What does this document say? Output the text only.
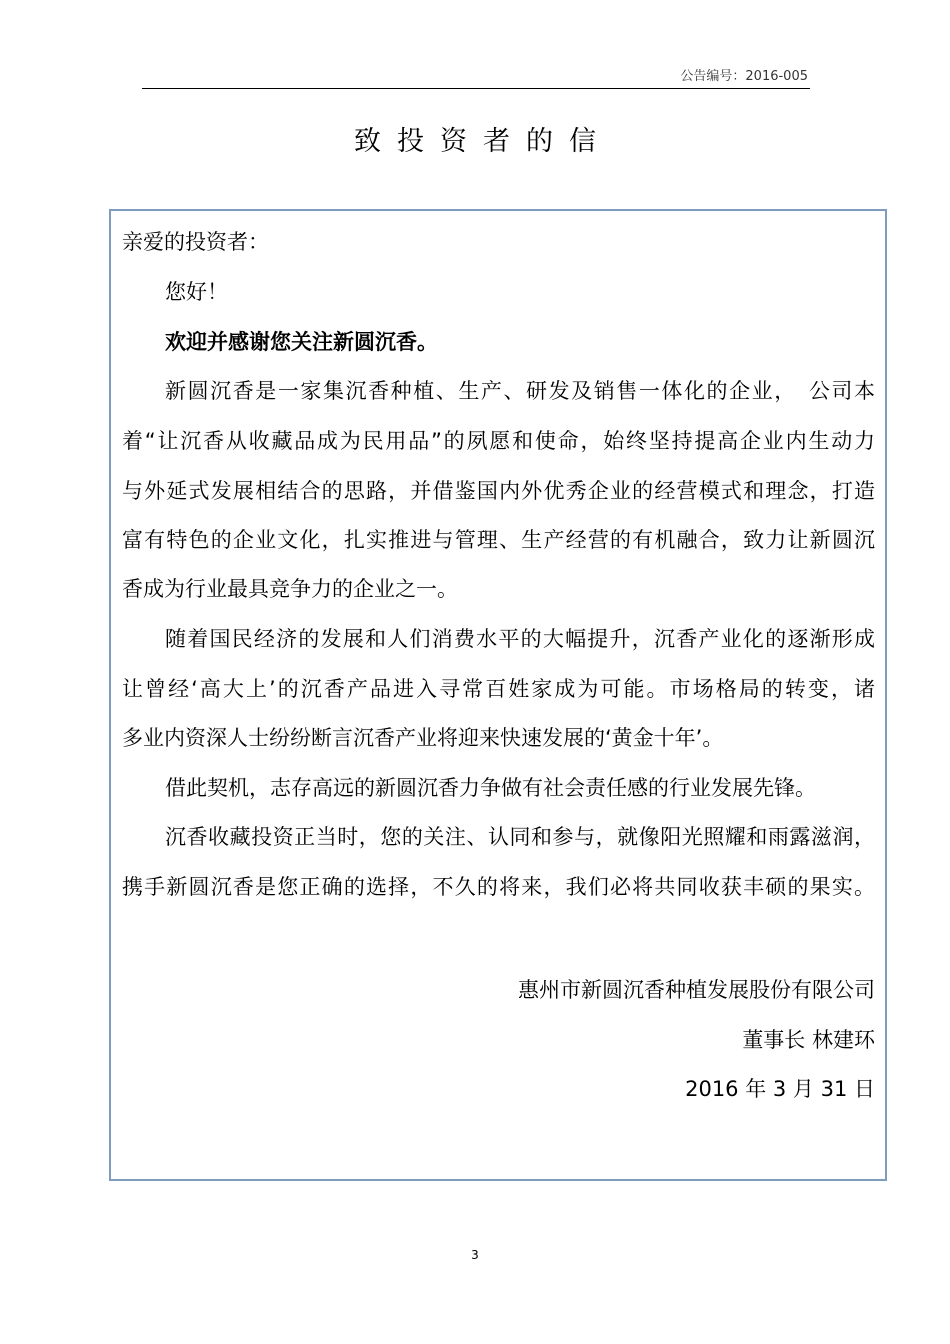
公告编号：2016-005
致投资者的信
亲爱的投资者：
您好！
欢迎并感谢您关注新圆沉香。
新圆沉香是一家集沉香种植、生产、研发及销售一体化的企业，　公司本
着“让沉香从收藏品成为民用品”的夙愿和使命，始终坚持提高企业内生动力
与外延式发展相结合的思路，并借鉴国内外优秀企业的经营模式和理念，打造
富有特色的企业文化，扎实推进与管理、生产经营的有机融合，致力让新圆沉
香成为行业最具竞争力的企业之一。
随着国民经济的发展和人们消费水平的大幅提升，沉香产业化的逐渐形成
让曾经‘高大上’的沉香产品进入寻常百姓家成为可能。市场格局的转变，诸
多业内资深人士纷纷断言沉香产业将迎来快速发展的‘黄金十年’。
借此契机，志存高远的新圆沉香力争做有社会责任感的行业发展先锋。
沉香收藏投资正当时，您的关注、认同和参与，就像阳光照耀和雨露滋润，
携手新圆沉香是您正确的选择，不久的将来，我们必将共同收获丰硕的果实。
惠州市新圆沉香种植发展股份有限公司
董事长 林建环
2016 年 3 月 31 日
3
